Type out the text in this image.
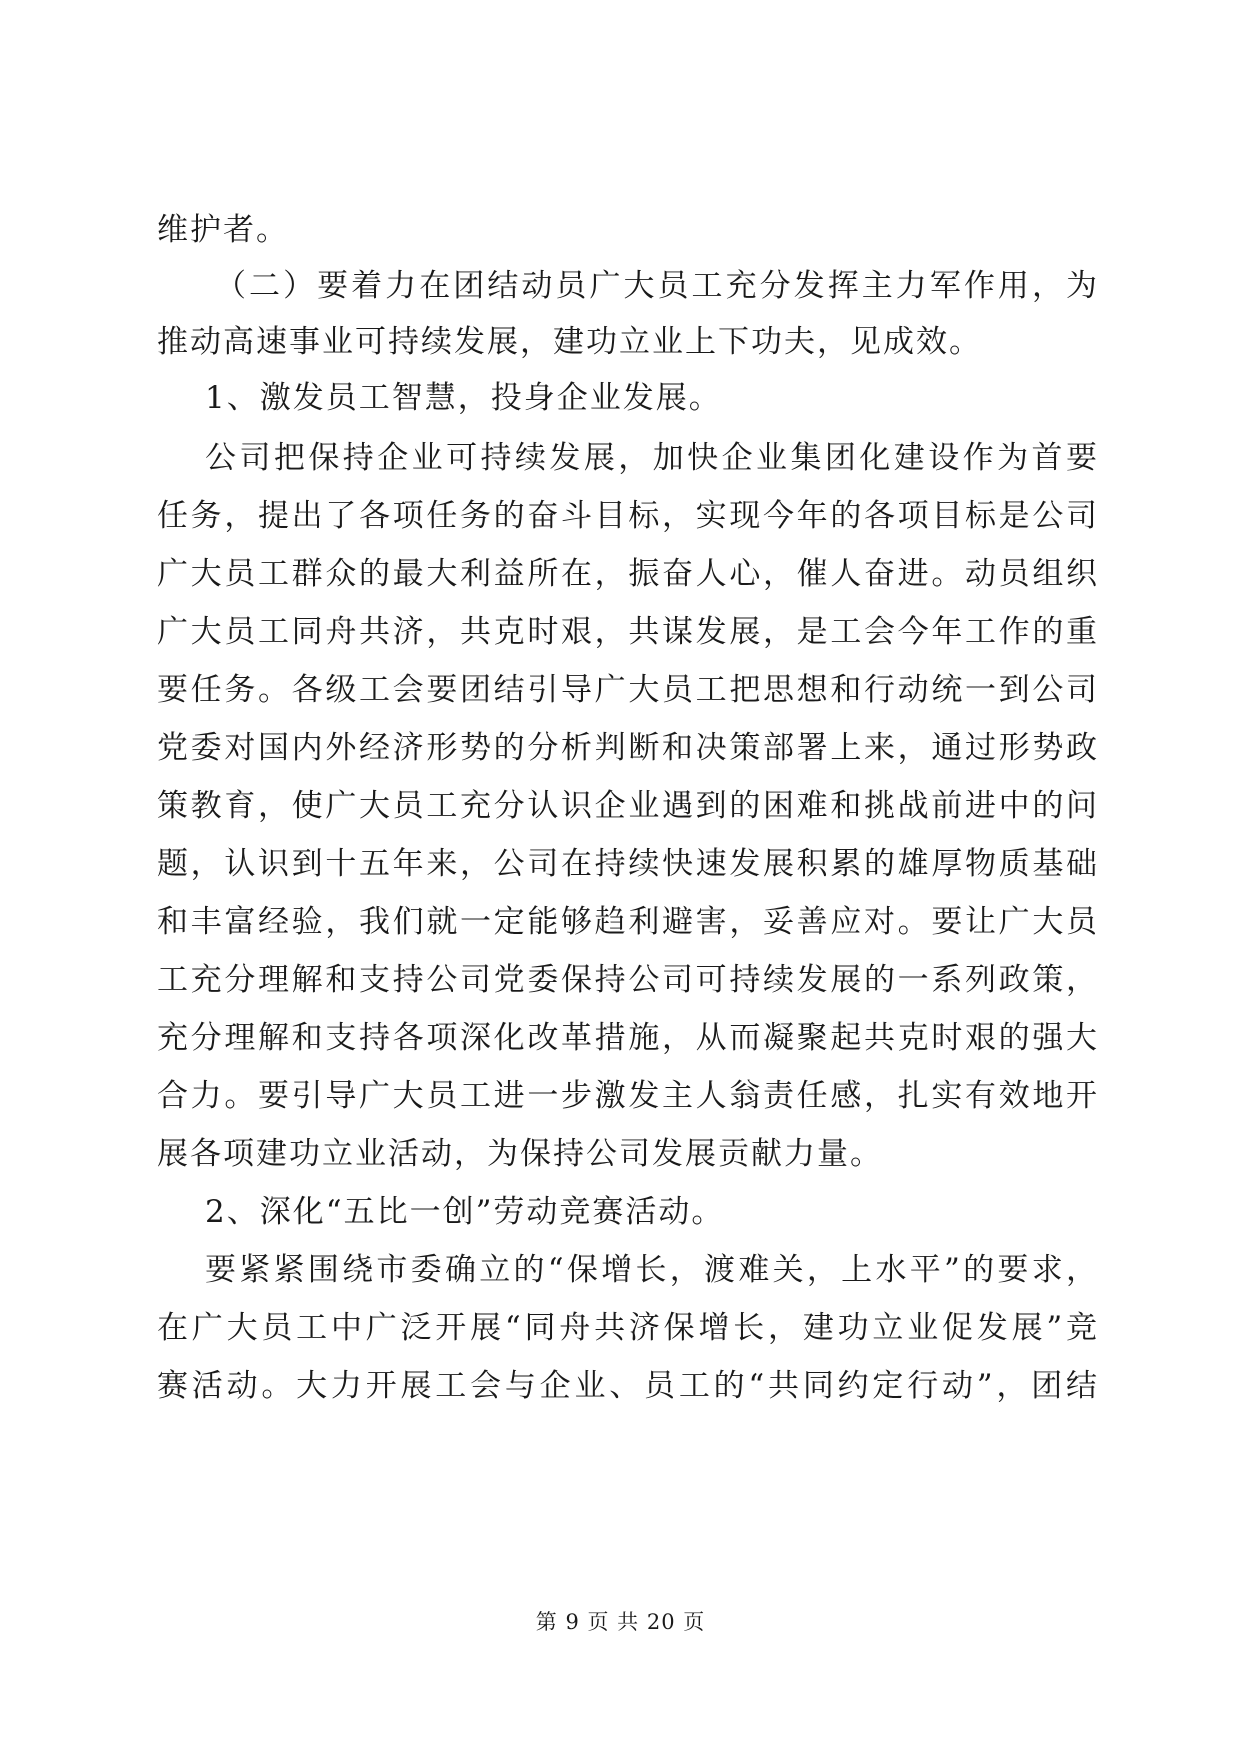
维护者。
（二）要着力在团结动员广大员工充分发挥主力军作用，为
推动高速事业可持续发展，建功立业上下功夫，见成效。
1、激发员工智慧，投身企业发展。
公司把保持企业可持续发展，加快企业集团化建设作为首要
任务，提出了各项任务的奋斗目标，实现今年的各项目标是公司
广大员工群众的最大利益所在，振奋人心，催人奋进。动员组织
广大员工同舟共济，共克时艰，共谋发展，是工会今年工作的重
要任务。各级工会要团结引导广大员工把思想和行动统一到公司
党委对国内外经济形势的分析判断和决策部署上来，通过形势政
策教育，使广大员工充分认识企业遇到的困难和挑战前进中的问
题，认识到十五年来，公司在持续快速发展积累的雄厚物质基础
和丰富经验，我们就一定能够趋利避害，妥善应对。要让广大员
工充分理解和支持公司党委保持公司可持续发展的一系列政策，
充分理解和支持各项深化改革措施，从而凝聚起共克时艰的强大
合力。要引导广大员工进一步激发主人翁责任感，扎实有效地开
展各项建功立业活动，为保持公司发展贡献力量。
2、深化“五比一创”劳动竞赛活动。
要紧紧围绕市委确立的“保增长，渡难关，上水平”的要求，
在广大员工中广泛开展“同舟共济保增长，建功立业促发展”竞
赛活动。大力开展工会与企业、员工的“共同约定行动”，团结
第 9 页 共 20 页
